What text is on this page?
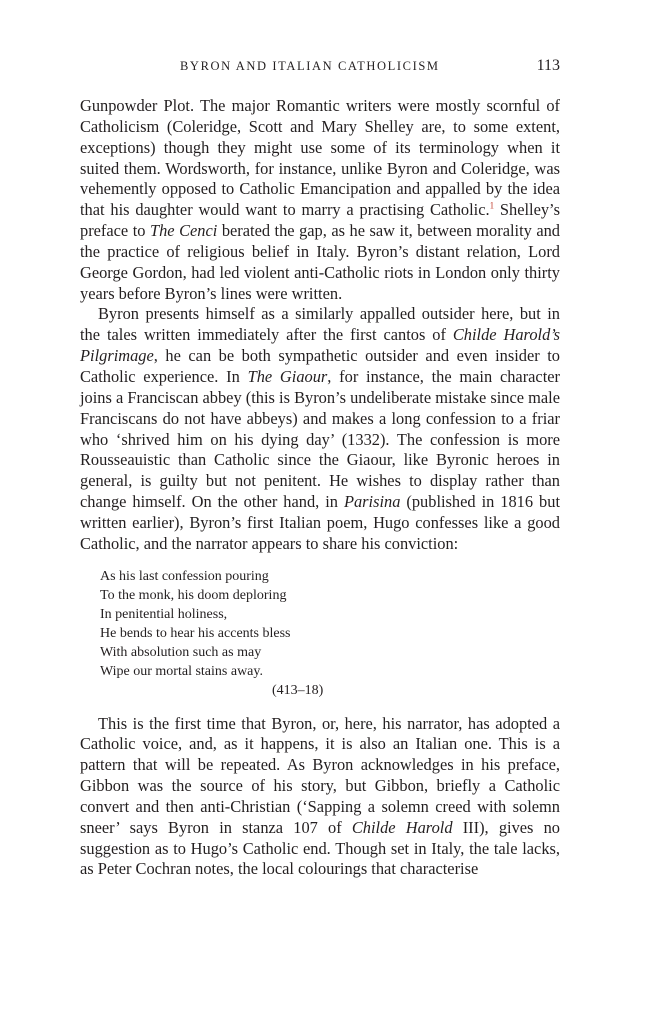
BYRON AND ITALIAN CATHOLICISM	113

Gunpowder Plot. The major Romantic writers were mostly scornful of Catholicism (Coleridge, Scott and Mary Shelley are, to some extent, exceptions) though they might use some of its terminology when it suited them. Wordsworth, for instance, unlike Byron and Coleridge, was vehemently opposed to Catholic Emancipation and appalled by the idea that his daughter would want to marry a practising Catholic.$^1$ Shelley’s preface to The Cenci berated the gap, as he saw it, between morality and the practice of religious belief in Italy. Byron’s distant relation, Lord George Gordon, had led violent anti-Catholic riots in London only thirty years before Byron’s lines were written.

Byron presents himself as a similarly appalled outsider here, but in the tales written immediately after the first cantos of Childe Harold’s Pilgrimage, he can be both sympathetic outsider and even insider to Catholic experience. In The Giaour, for instance, the main character joins a Franciscan abbey (this is Byron’s undeliberate mistake since male Franciscans do not have abbeys) and makes a long confession to a friar who ‘shrived him on his dying day’ (1332). The confession is more Rousseauistic than Catholic since the Giaour, like Byronic heroes in general, is guilty but not penitent. He wishes to display rather than change himself. On the other hand, in Parisina (published in 1816 but written earlier), Byron’s first Italian poem, Hugo confesses like a good Catholic, and the narrator appears to share his conviction:

As his last confession pouring
To the monk, his doom deploring
In penitential holiness,
He bends to hear his accents bless
With absolution such as may
Wipe our mortal stains away.
(413–18)

This is the first time that Byron, or, here, his narrator, has adopted a Catholic voice, and, as it happens, it is also an Italian one. This is a pattern that will be repeated. As Byron acknowledges in his preface, Gibbon was the source of his story, but Gibbon, briefly a Catholic convert and then anti-Christian (‘Sapping a solemn creed with solemn sneer’ says Byron in stanza 107 of Childe Harold III), gives no suggestion as to Hugo’s Catholic end. Though set in Italy, the tale lacks, as Peter Cochran notes, the local colourings that characterise
